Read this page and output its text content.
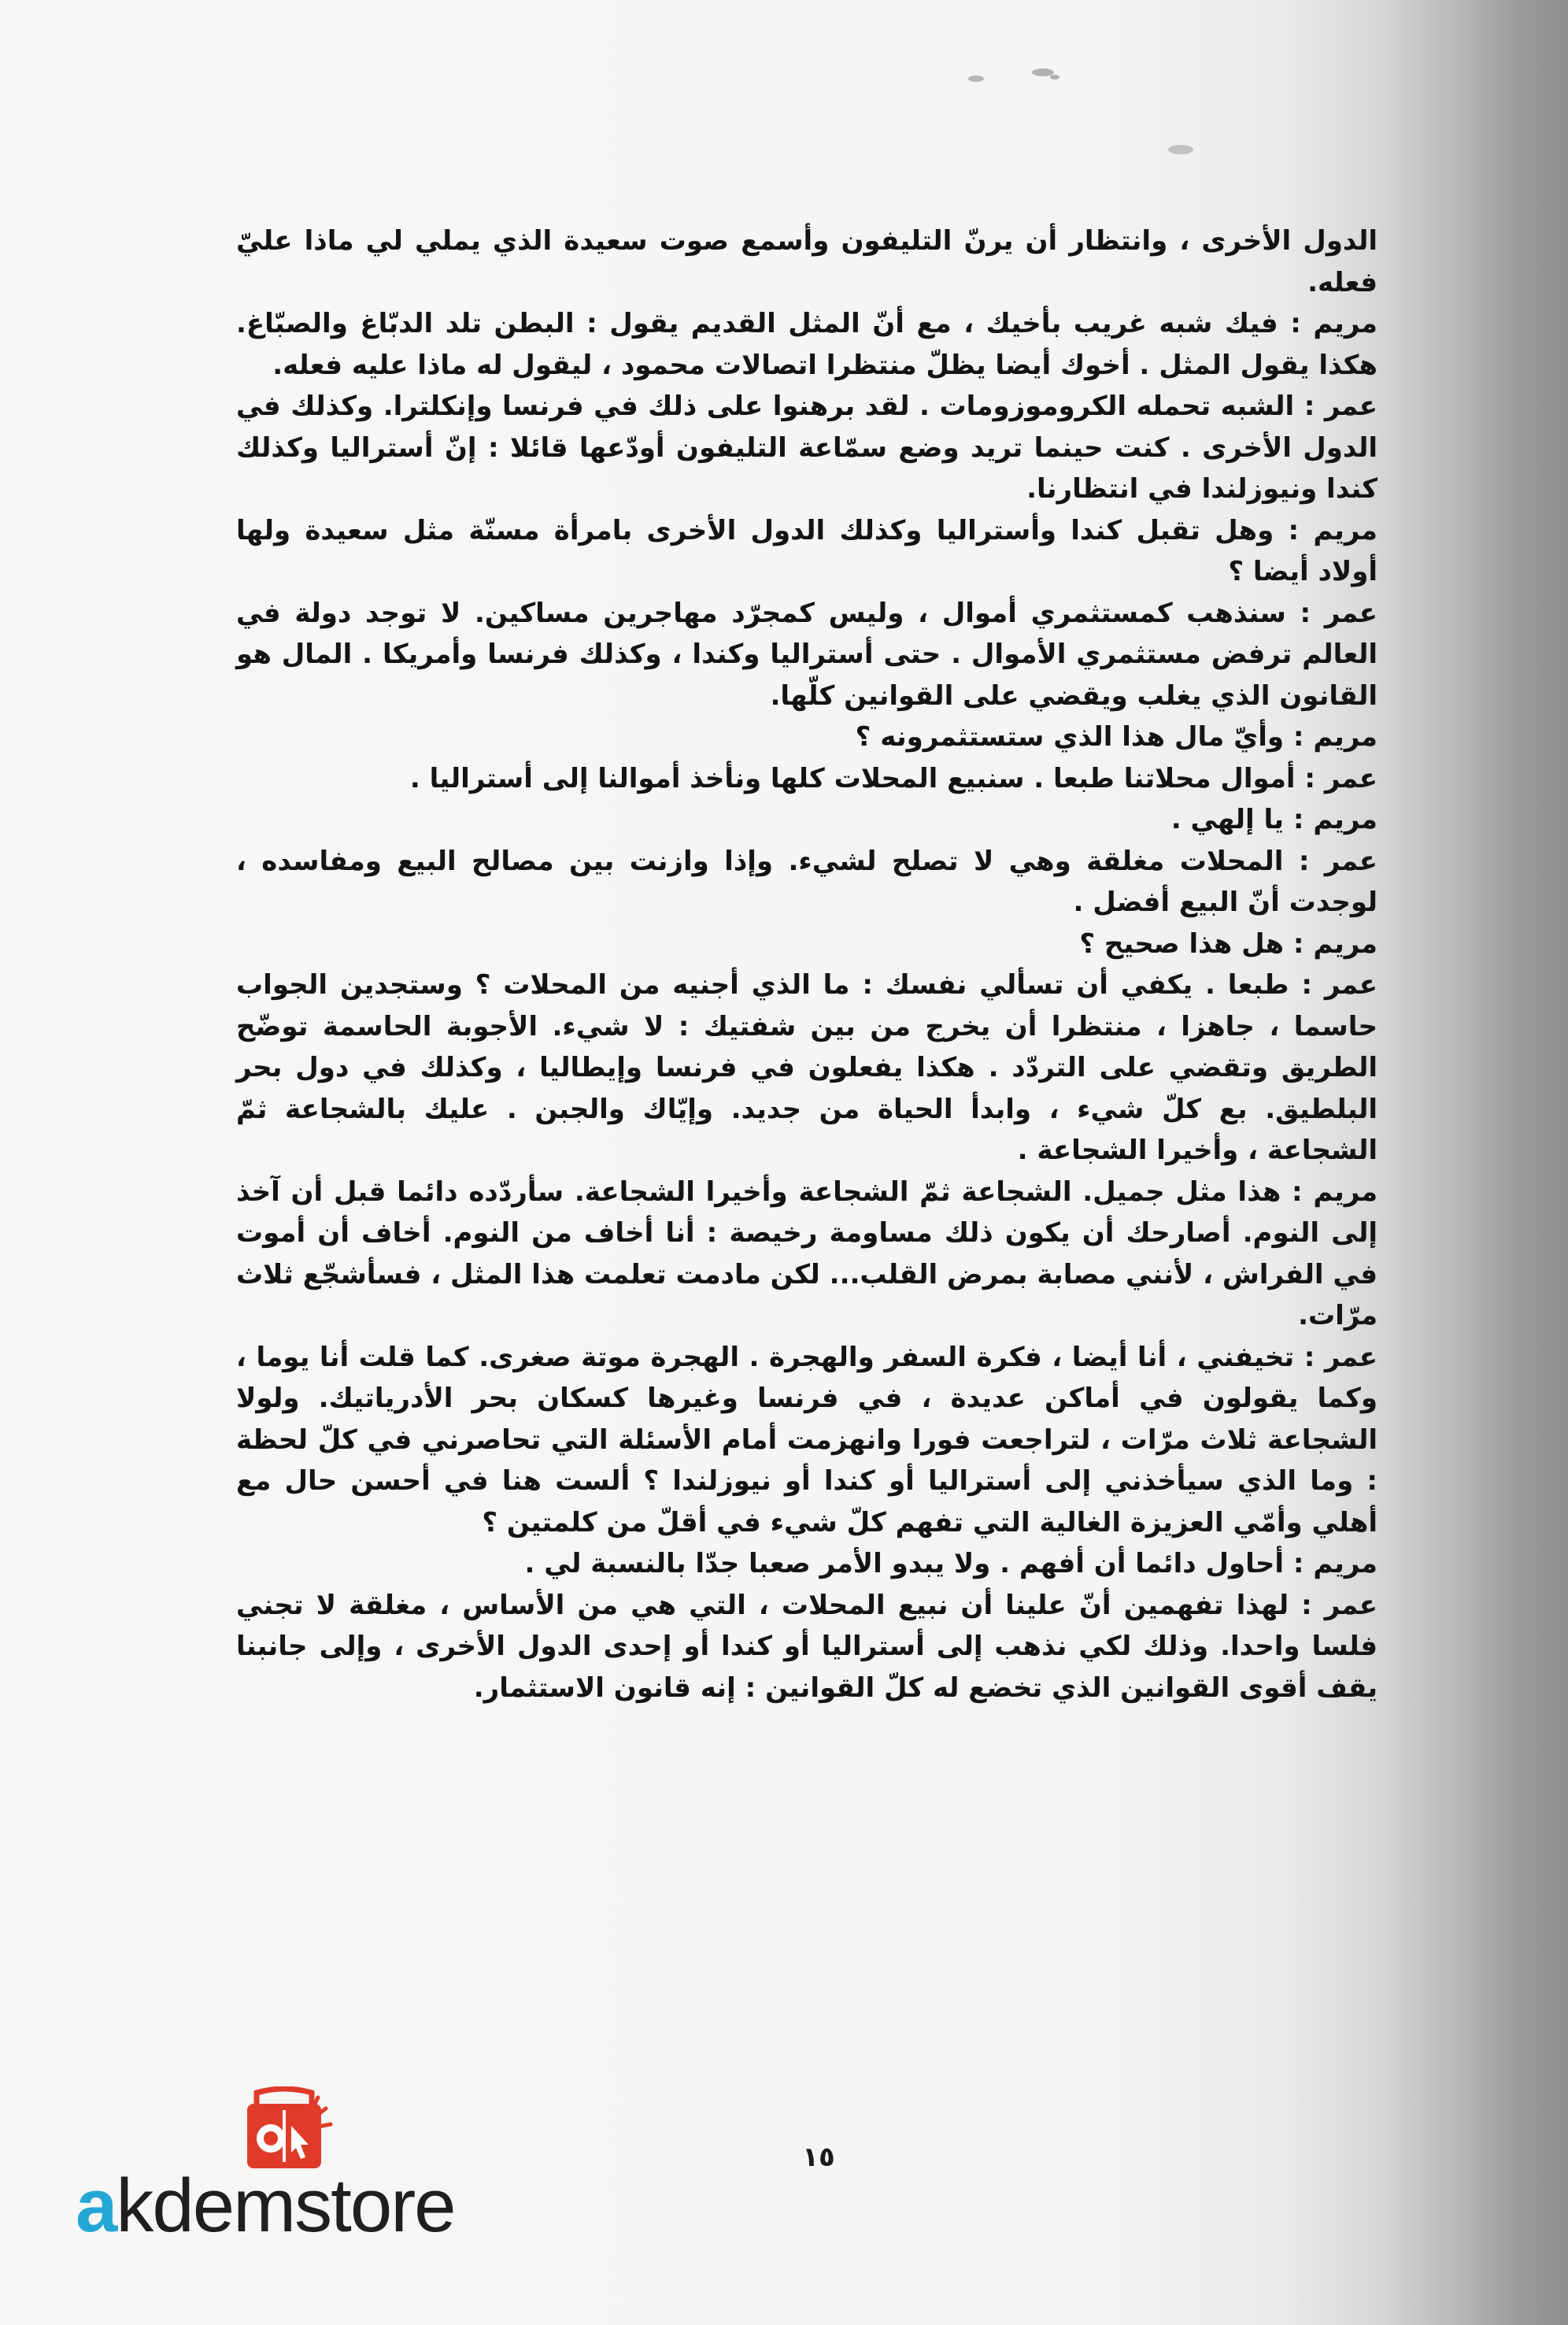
الدول الأخرى ، وانتظار أن يرنّ التليفون وأسمع صوت سعيدة الذي يملي لي ماذا عليّ فعله.

مريم : فيك شبه غريب بأخيك ، مع أنّ المثل القديم يقول : البطن تلد الدبّاغ والصبّاغ. هكذا يقول المثل . أخوك أيضا يظلّ منتظرا اتصالات محمود ، ليقول له ماذا عليه فعله.

عمر : الشبه تحمله الكروموزومات . لقد برهنوا على ذلك في فرنسا وإنكلترا. وكذلك في الدول الأخرى . كنت حينما تريد وضع سمّاعة التليفون أودّعها قائلا : إنّ أستراليا وكذلك كندا ونيوزلندا في انتظارنا.

مريم : وهل تقبل كندا وأستراليا وكذلك الدول الأخرى بامرأة مسنّة مثل سعيدة ولها أولاد أيضا ؟

عمر : سنذهب كمستثمري أموال ، وليس كمجرّد مهاجرين مساكين. لا توجد دولة في العالم ترفض مستثمري الأموال . حتى أستراليا وكندا ، وكذلك فرنسا وأمريكا . المال هو القانون الذي يغلب ويقضي على القوانين كلّها.

مريم : وأيّ مال هذا الذي ستستثمرونه ؟

عمر : أموال محلاتنا طبعا . سنبيع المحلات كلها ونأخذ أموالنا إلى أستراليا .

مريم : يا إلهي .

عمر : المحلات مغلقة وهي لا تصلح لشيء. وإذا وازنت بين مصالح البيع ومفاسده ، لوجدت أنّ البيع أفضل .

مريم : هل هذا صحيح ؟

عمر : طبعا . يكفي أن تسألي نفسك : ما الذي أجنيه من المحلات ؟ وستجدين الجواب حاسما ، جاهزا ، منتظرا أن يخرج من بين شفتيك : لا شيء. الأجوبة الحاسمة توضّح الطريق وتقضي على التردّد . هكذا يفعلون في فرنسا وإيطاليا ، وكذلك في دول بحر البلطيق. بع كلّ شيء ، وابدأ الحياة من جديد. وإيّاك والجبن . عليك بالشجاعة ثمّ الشجاعة ، وأخيرا الشجاعة .

مريم : هذا مثل جميل. الشجاعة ثمّ الشجاعة وأخيرا الشجاعة. سأردّده دائما قبل أن آخذ إلى النوم. أصارحك أن يكون ذلك مساومة رخيصة : أنا أخاف من النوم. أخاف أن أموت في الفراش ، لأنني مصابة بمرض القلب... لكن مادمت تعلمت هذا المثل ، فسأشجّع ثلاث مرّات.

عمر : تخيفني ، أنا أيضا ، فكرة السفر والهجرة . الهجرة موتة صغرى. كما قلت أنا يوما ، وكما يقولون في أماكن عديدة ، في فرنسا وغيرها كسكان بحر الأدرياتيك. ولولا الشجاعة ثلاث مرّات ، لتراجعت فورا وانهزمت أمام الأسئلة التي تحاصرني في كلّ لحظة : وما الذي سيأخذني إلى أستراليا أو كندا أو نيوزلندا ؟ ألست هنا في أحسن حال مع أهلي وأمّي العزيزة الغالية التي تفهم كلّ شيء في أقلّ من كلمتين ؟

مريم : أحاول دائما أن أفهم . ولا يبدو الأمر صعبا جدّا بالنسبة لي .

عمر : لهذا تفهمين أنّ علينا أن نبيع المحلات ، التي هي من الأساس ، مغلقة لا تجني فلسا واحدا. وذلك لكي نذهب إلى أستراليا أو كندا أو إحدى الدول الأخرى ، وإلى جانبنا يقف أقوى القوانين الذي تخضع له كلّ القوانين : إنه قانون الاستثمار.

١٥
akdemstore
